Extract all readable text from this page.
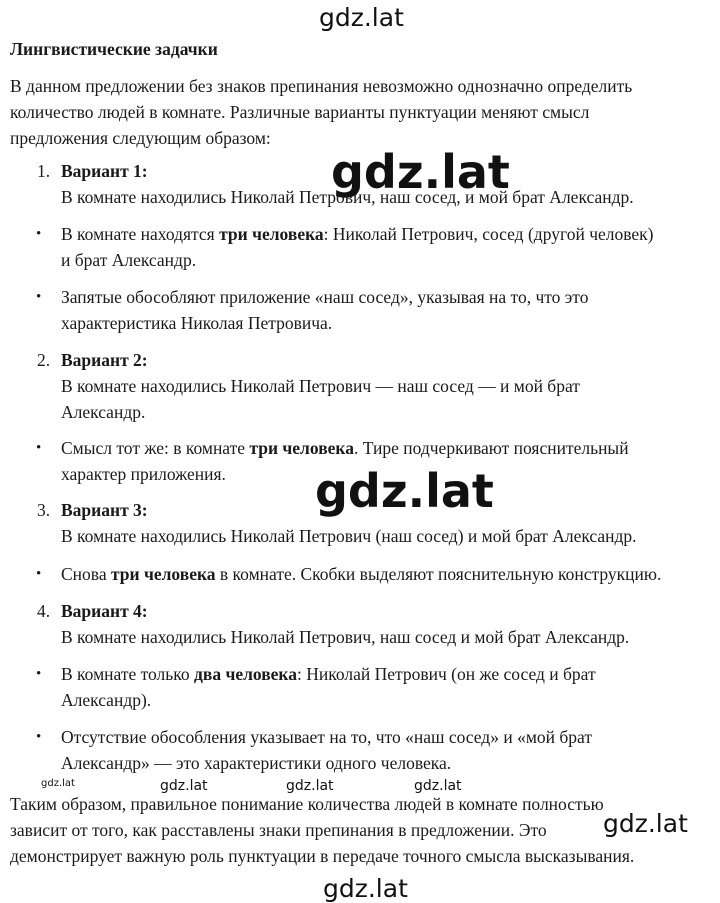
gdz.lat
gdz.lat
gdz.lat
gdz.lat	gdz.lat	gdz.lat	gdz.lat
gdz.lat
gdz.lat
Лингвистические задачки
В данном предложении без знаков препинания невозможно однозначно определить
количество людей в комнате. Различные варианты пунктуации меняют смысл
предложения следующим образом:
1. Вариант 1:
В комнате находились Николай Петрович, наш сосед, и мой брат Александр.
• В комнате находятся три человека: Николай Петрович, сосед (другой человек)
и брат Александр.
• Запятые обособляют приложение «наш сосед», указывая на то, что это
характеристика Николая Петровича.
2. Вариант 2:
В комнате находились Николай Петрович — наш сосед — и мой брат
Александр.
• Смысл тот же: в комнате три человека. Тире подчеркивают пояснительный
характер приложения.
3. Вариант 3:
В комнате находились Николай Петрович (наш сосед) и мой брат Александр.
• Снова три человека в комнате. Скобки выделяют пояснительную конструкцию.
4. Вариант 4:
В комнате находились Николай Петрович, наш сосед и мой брат Александр.
• В комнате только два человека: Николай Петрович (он же сосед и брат
Александр).
• Отсутствие обособления указывает на то, что «наш сосед» и «мой брат
Александр» — это характеристики одного человека.
Таким образом, правильное понимание количества людей в комнате полностью
зависит от того, как расставлены знаки препинания в предложении. Это
демонстрирует важную роль пунктуации в передаче точного смысла высказывания.
